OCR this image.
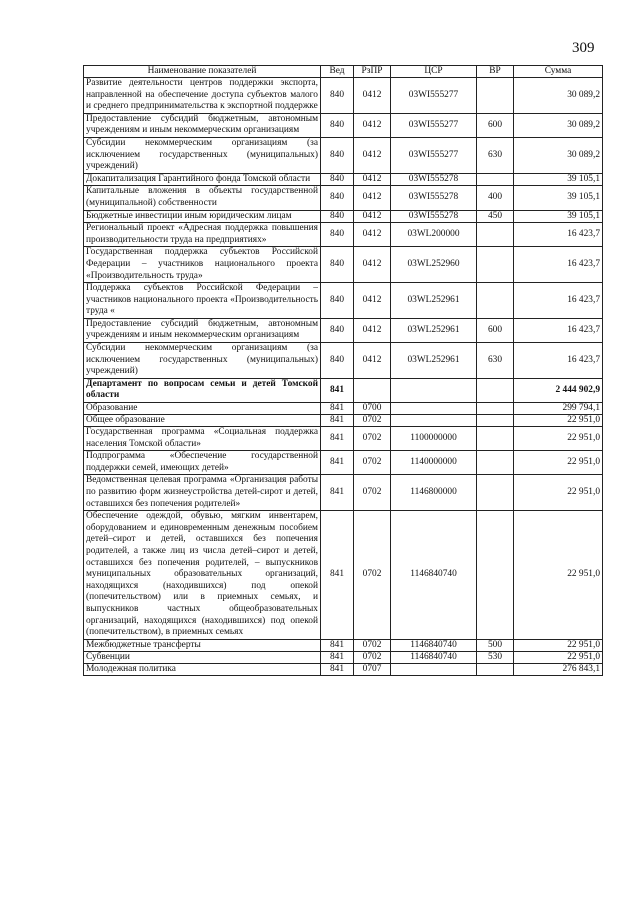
309
Наименование показателей	Вед	РзПР	ЦСР	ВР	Сумма
Развитие деятельности центров поддержки экспорта, направленной на обеспечение доступа субъектов малого и среднего предпринимательства к экспортной поддержке	840	0412	03WI555277		30 089,2
Предоставление субсидий бюджетным, автономным учреждениям и иным некоммерческим организациям	840	0412	03WI555277	600	30 089,2
Субсидии некоммерческим организациям (за исключением государственных (муниципальных) учреждений)	840	0412	03WI555277	630	30 089,2
Докапитализация Гарантийного фонда Томской области	840	0412	03WI555278		39 105,1
Капитальные вложения в объекты государственной (муниципальной) собственности	840	0412	03WI555278	400	39 105,1
Бюджетные инвестиции иным юридическим лицам	840	0412	03WI555278	450	39 105,1
Региональный проект «Адресная поддержка повышения производительности труда на предприятиях»	840	0412	03WL200000		16 423,7
Государственная поддержка субъектов Российской Федерации – участников национального проекта «Производительность труда»	840	0412	03WL252960		16 423,7
Поддержка субъектов Российской Федерации – участников национального проекта «Производительность труда «	840	0412	03WL252961		16 423,7
Предоставление субсидий бюджетным, автономным учреждениям и иным некоммерческим организациям	840	0412	03WL252961	600	16 423,7
Субсидии некоммерческим организациям (за исключением государственных (муниципальных) учреждений)	840	0412	03WL252961	630	16 423,7
Департамент по вопросам семьи и детей Томской области	841				2 444 902,9
Образование	841	0700			299 794,1
Общее образование	841	0702			22 951,0
Государственная программа «Социальная поддержка населения Томской области»	841	0702	1100000000		22 951,0
Подпрограмма «Обеспечение государственной поддержки семей, имеющих детей»	841	0702	1140000000		22 951,0
Ведомственная целевая программа «Организация работы по развитию форм жизнеустройства детей-сирот и детей, оставшихся без попечения родителей»	841	0702	1146800000		22 951,0
Обеспечение одеждой, обувью, мягким инвентарем, оборудованием и единовременным денежным пособием детей–сирот и детей, оставшихся без попечения родителей, а также лиц из числа детей–сирот и детей, оставшихся без попечения родителей, – выпускников муниципальных образовательных организаций, находящихся (находившихся) под опекой (попечительством) или в приемных семьях, и выпускников частных общеобразовательных организаций, находящихся (находившихся) под опекой (попечительством), в приемных семьях	841	0702	1146840740		22 951,0
Межбюджетные трансферты	841	0702	1146840740	500	22 951,0
Субвенции	841	0702	1146840740	530	22 951,0
Молодежная политика	841	0707			276 843,1
